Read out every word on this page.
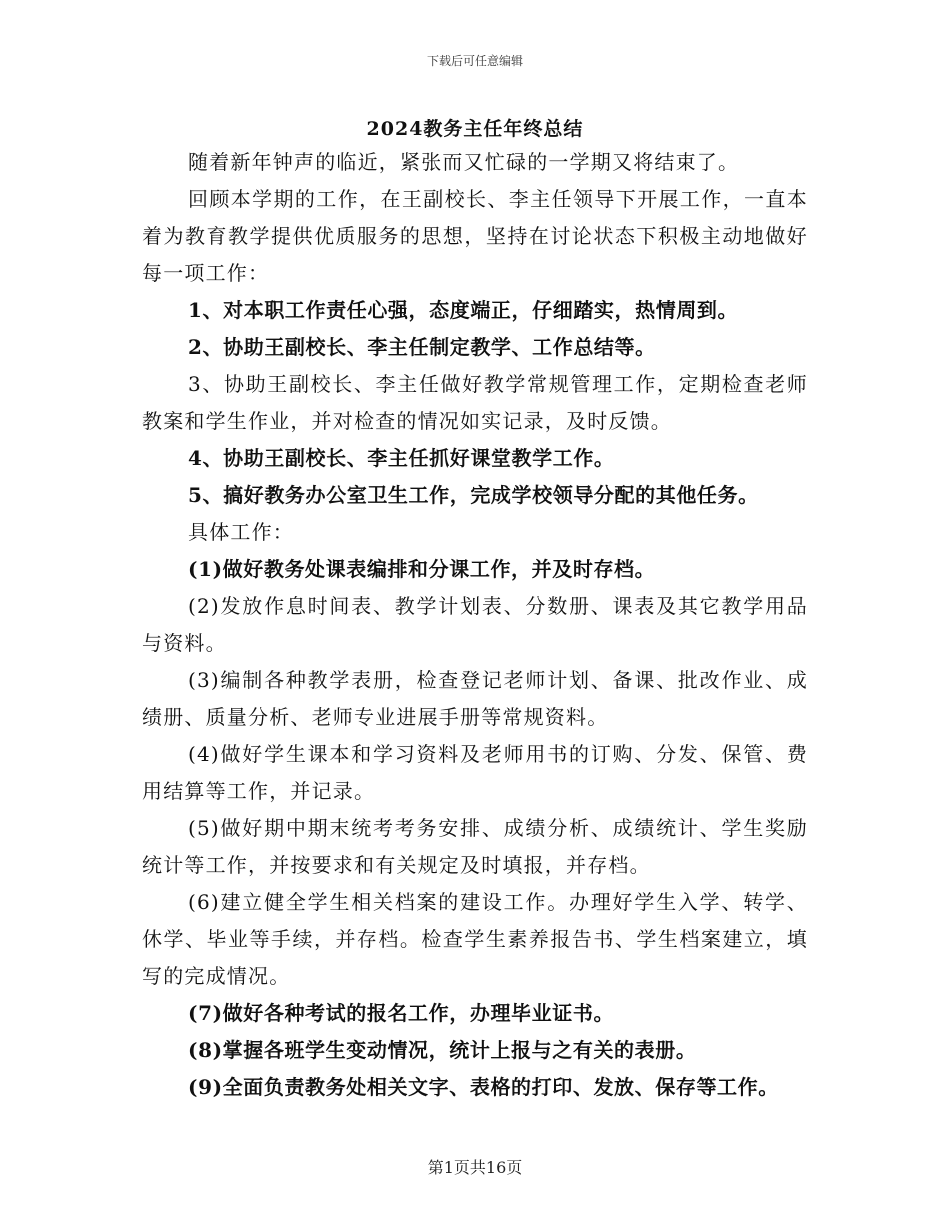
下载后可任意编辑
2024教务主任年终总结

随着新年钟声的临近，紧张而又忙碌的一学期又将结束了。

回顾本学期的工作，在王副校长、李主任领导下开展工作，一直本着为教育教学提供优质服务的思想，坚持在讨论状态下积极主动地做好每一项工作：

1、对本职工作责任心强，态度端正，仔细踏实，热情周到。

2、协助王副校长、李主任制定教学、工作总结等。

3、协助王副校长、李主任做好教学常规管理工作，定期检查老师教案和学生作业，并对检查的情况如实记录，及时反馈。

4、协助王副校长、李主任抓好课堂教学工作。

5、搞好教务办公室卫生工作，完成学校领导分配的其他任务。

具体工作：

(1)做好教务处课表编排和分课工作，并及时存档。

(2)发放作息时间表、教学计划表、分数册、课表及其它教学用品与资料。

(3)编制各种教学表册，检查登记老师计划、备课、批改作业、成绩册、质量分析、老师专业进展手册等常规资料。

(4)做好学生课本和学习资料及老师用书的订购、分发、保管、费用结算等工作，并记录。

(5)做好期中期末统考考务安排、成绩分析、成绩统计、学生奖励统计等工作，并按要求和有关规定及时填报，并存档。

(6)建立健全学生相关档案的建设工作。办理好学生入学、转学、休学、毕业等手续，并存档。检查学生素养报告书、学生档案建立，填写的完成情况。

(7)做好各种考试的报名工作，办理毕业证书。

(8)掌握各班学生变动情况，统计上报与之有关的表册。

(9)全面负责教务处相关文字、表格的打印、发放、保存等工作。

第1页共16页
